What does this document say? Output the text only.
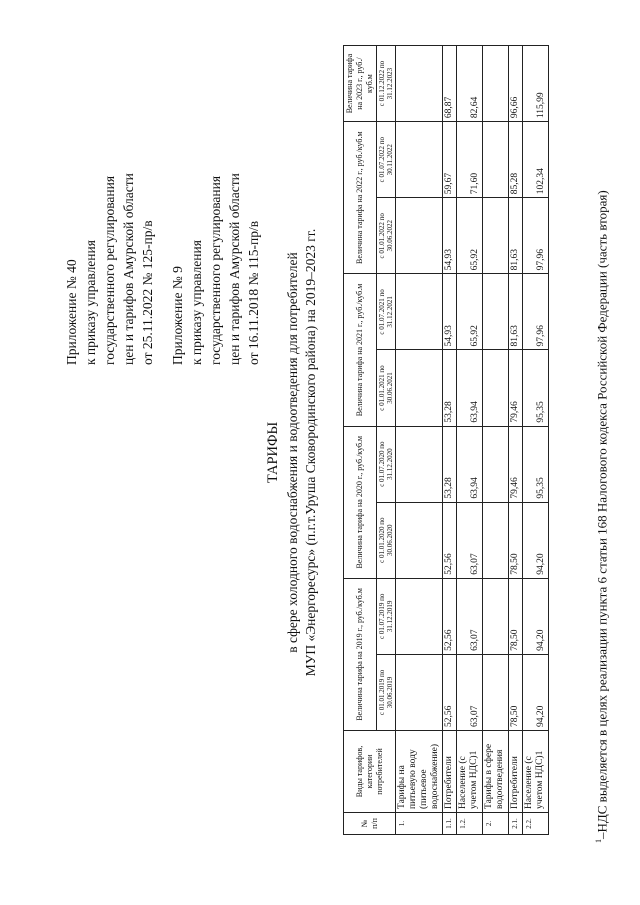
Приложение № 40 к приказу управления государственного регулирования цен и тарифов Амурской области от 25.11.2022 № 125-пр/в Приложение № 9 к приказу управления государственного регулирования цен и тарифов Амурской области от 16.11.2018 № 115-пр/в
ТАРИФЫ в сфере холодного водоснабжения и водоотведения для потребителей МУП «Энергоресурс» (п.г.т.Уруша Сковородинского района) на 2019–2023 гг.
№ п/п	Виды тарифов, категории потребителей	Величина тарифа на 2019 г., руб./куб.м		Величина тарифа на 2020 г., руб./куб.м		Величина тарифа на 2021 г., руб./куб.м		Величина тарифа на 2022 г., руб./куб.м		Величина тарифа на 2023 г., руб./куб.м
		с 01.01.2019 по 30.06.2019	с 01.07.2019 по 31.12.2019	с 01.01.2020 по 30.06.2020	с 01.07.2020 по 31.12.2020	с 01.01.2021 по 30.06.2021	с 01.07.2021 по 31.12.2021	с 01.01.2022 по 30.06.2022	с 01.07.2022 по 30.11.2022	с 01.12.2022 по 31.12.2023
1.	Тарифы на питьевую воду (питьевое водоснабжение)									
1.1.	Потребители	52,56	52,56	52,56	53,28	53,28	54,93	54,93	59,67	68,87
1.2.	Население (с учетом НДС)1	63,07	63,07	63,07	63,94	63,94	65,92	65,92	71,60	82,64
2.	Тарифы в сфере водоотведения									
2.1.	Потребители	78,50	78,50	78,50	79,46	79,46	81,63	81,63	85,28	96,66
2.2.	Население (с учетом НДС)1	94,20	94,20	94,20	95,35	95,35	97,96	97,96	102,34	115,99
$^1$–НДС выделяется в целях реализации пункта 6 статьи 168 Налогового кодекса Российской Федерации (часть вторая)
